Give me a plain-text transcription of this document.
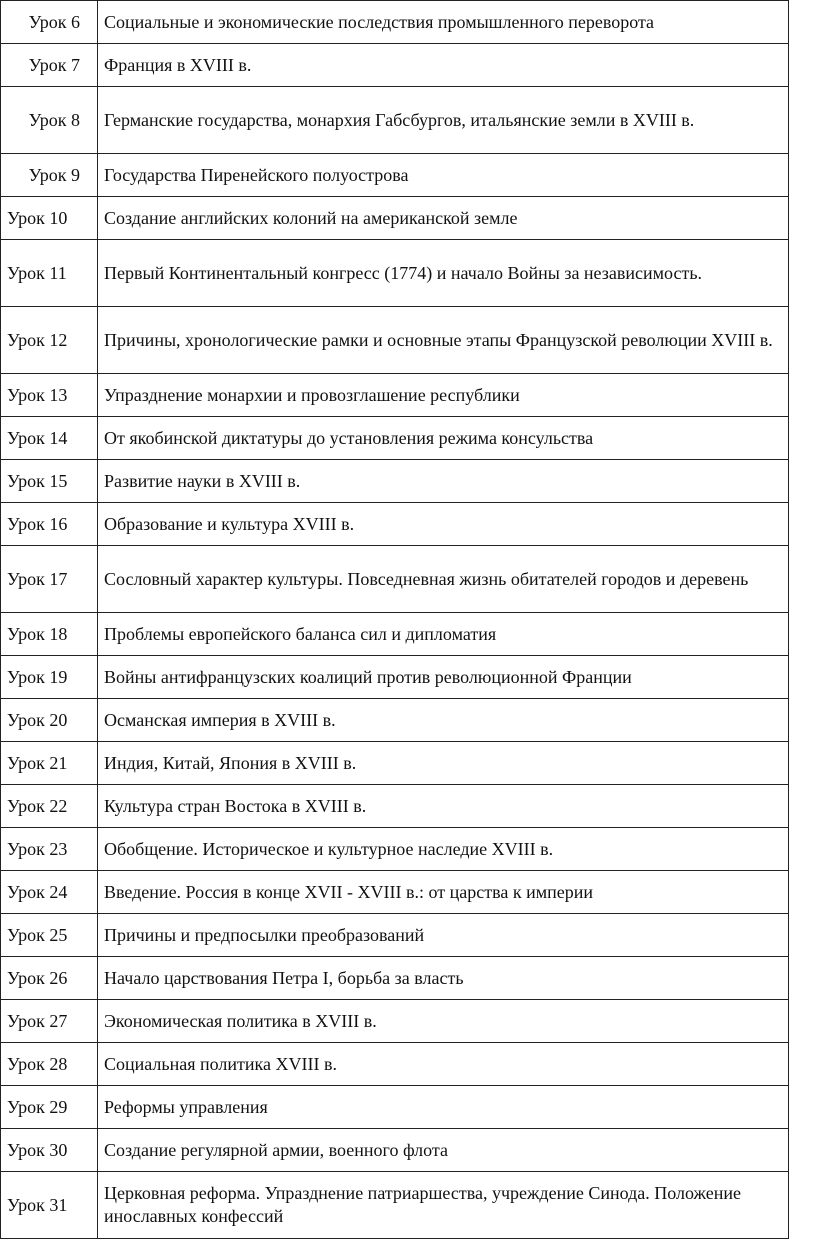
Урок 6	Социальные и экономические последствия промышленного переворота
Урок 7	Франция в XVIII в.
Урок 8	Германские государства, монархия Габсбургов, итальянские земли в XVIII в.
Урок 9	Государства Пиренейского полуострова
Урок 10	Создание английских колоний на американской земле
Урок 11	Первый Континентальный конгресс (1774) и начало Войны за независимость.
Урок 12	Причины, хронологические рамки и основные этапы Французской революции XVIII в.
Урок 13	Упразднение монархии и провозглашение республики
Урок 14	От якобинской диктатуры до установления режима консульства
Урок 15	Развитие науки в XVIII в.
Урок 16	Образование и культура XVIII в.
Урок 17	Сословный характер культуры. Повседневная жизнь обитателей городов и деревень
Урок 18	Проблемы европейского баланса сил и дипломатия
Урок 19	Войны антифранцузских коалиций против революционной Франции
Урок 20	Османская империя в XVIII в.
Урок 21	Индия, Китай, Япония в XVIII в.
Урок 22	Культура стран Востока в XVIII в.
Урок 23	Обобщение. Историческое и культурное наследие XVIII в.
Урок 24	Введение. Россия в конце XVII - XVIII в.: от царства к империи
Урок 25	Причины и предпосылки преобразований
Урок 26	Начало царствования Петра I, борьба за власть
Урок 27	Экономическая политика в XVIII в.
Урок 28	Социальная политика XVIII в.
Урок 29	Реформы управления
Урок 30	Создание регулярной армии, военного флота
Урок 31	Церковная реформа. Упразднение патриаршества, учреждение Синода. Положение инославных конфессий
